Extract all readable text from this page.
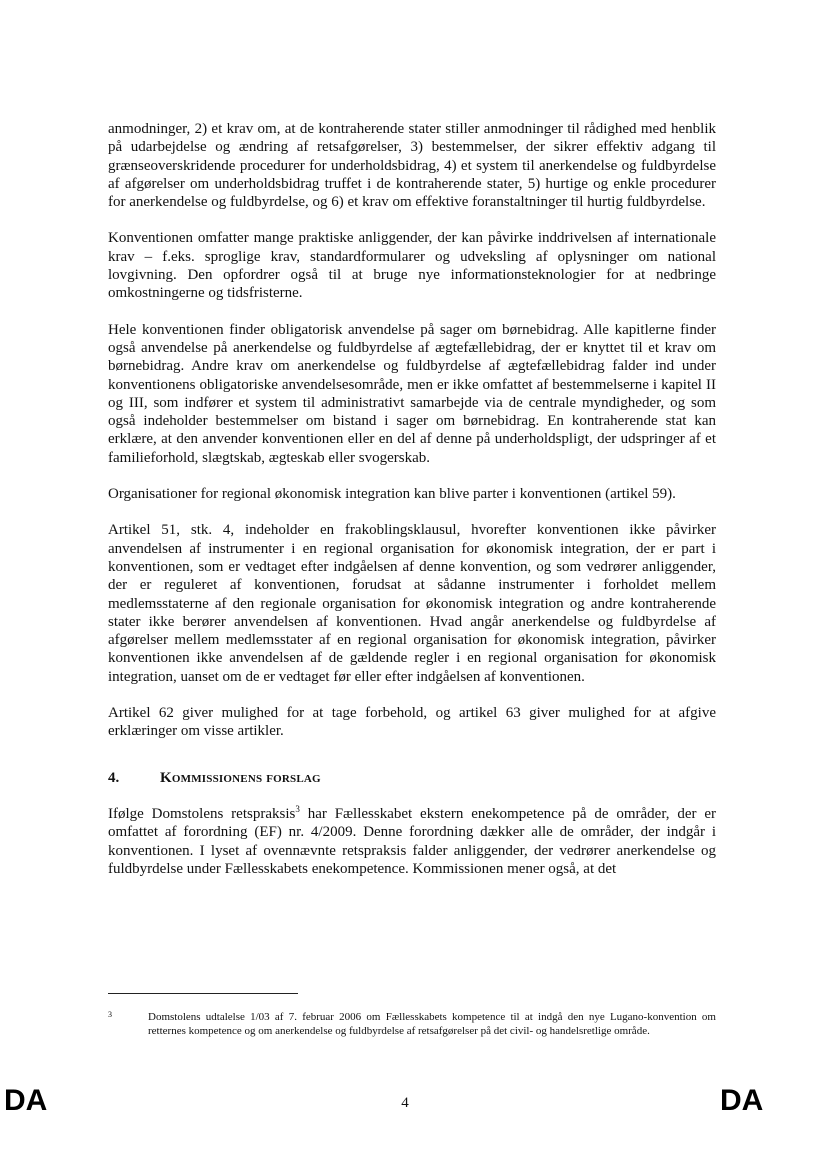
anmodninger, 2) et krav om, at de kontraherende stater stiller anmodninger til rådighed med henblik på udarbejdelse og ændring af retsafgørelser, 3) bestemmelser, der sikrer effektiv adgang til grænseoverskridende procedurer for underholdsbidrag, 4) et system til anerkendelse og fuldbyrdelse af afgørelser om underholdsbidrag truffet i de kontraherende stater, 5) hurtige og enkle procedurer for anerkendelse og fuldbyrdelse, og 6) et krav om effektive foranstaltninger til hurtig fuldbyrdelse.

Konventionen omfatter mange praktiske anliggender, der kan påvirke inddrivelsen af internationale krav – f.eks. sproglige krav, standardformularer og udveksling af oplysninger om national lovgivning. Den opfordrer også til at bruge nye informationsteknologier for at nedbringe omkostningerne og tidsfristerne.

Hele konventionen finder obligatorisk anvendelse på sager om børnebidrag. Alle kapitlerne finder også anvendelse på anerkendelse og fuldbyrdelse af ægtefællebidrag, der er knyttet til et krav om børnebidrag. Andre krav om anerkendelse og fuldbyrdelse af ægtefællebidrag falder ind under konventionens obligatoriske anvendelsesområde, men er ikke omfattet af bestemmelserne i kapitel II og III, som indfører et system til administrativt samarbejde via de centrale myndigheder, og som også indeholder bestemmelser om bistand i sager om børnebidrag. En kontraherende stat kan erklære, at den anvender konventionen eller en del af denne på underholdspligt, der udspringer af et familieforhold, slægtskab, ægteskab eller svogerskab.

Organisationer for regional økonomisk integration kan blive parter i konventionen (artikel 59).

Artikel 51, stk. 4, indeholder en frakoblingsklausul, hvorefter konventionen ikke påvirker anvendelsen af instrumenter i en regional organisation for økonomisk integration, der er part i konventionen, som er vedtaget efter indgåelsen af denne konvention, og som vedrører anliggender, der er reguleret af konventionen, forudsat at sådanne instrumenter i forholdet mellem medlemsstaterne af den regionale organisation for økonomisk integration og andre kontraherende stater ikke berører anvendelsen af konventionen. Hvad angår anerkendelse og fuldbyrdelse af afgørelser mellem medlemsstater af en regional organisation for økonomisk integration, påvirker konventionen ikke anvendelsen af de gældende regler i en regional organisation for økonomisk integration, uanset om de er vedtaget før eller efter indgåelsen af konventionen.

Artikel 62 giver mulighed for at tage forbehold, og artikel 63 giver mulighed for at afgive erklæringer om visse artikler.

4.	Kommissionens forslag

Ifølge Domstolens retspraksis$^3$ har Fællesskabet ekstern enekompetence på de områder, der er omfattet af forordning (EF) nr. 4/2009. Denne forordning dækker alle de områder, der indgår i konventionen. I lyset af ovennævnte retspraksis falder anliggender, der vedrører anerkendelse og fuldbyrdelse under Fællesskabets enekompetence. Kommissionen mener også, at det

3	Domstolens udtalelse 1/03 af 7. februar 2006 om Fællesskabets kompetence til at indgå den nye Lugano-konvention om retternes kompetence og om anerkendelse og fuldbyrdelse af retsafgørelser på det civil- og handelsretlige område.
DA	4	DA
